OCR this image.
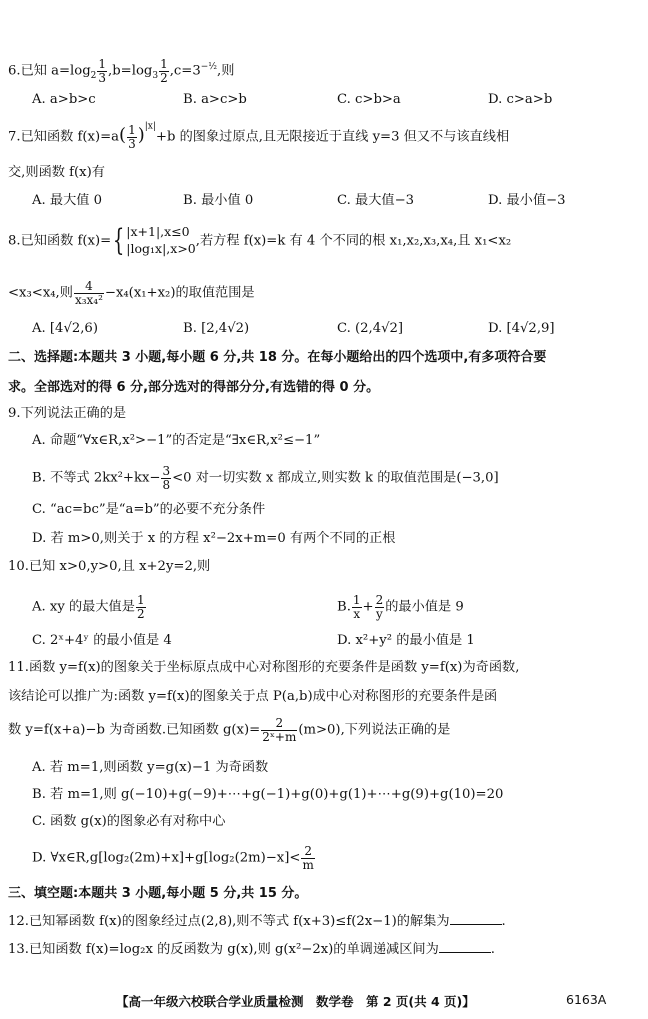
6.已知 $a=\log_2 \frac{1}{3} ,b=\log_3 \frac{1}{2} ,c=3^{-\frac{1}{2}}$,则
A. a>b>c	B. a>c>b	C. c>b>a	D. c>a>b
7.已知函数 $f(x)=a( \frac{1}{3} )^{|x|}+b$ 的图象过原点,且无限接近于直线 y=3 但又不与该直线相
交,则函数 f(x)有
A. 最大值 0	B. 最小值 0	C. 最大值−3	D. 最小值−3
8.已知函数 f(x)={ |x+1|,x≤0
|log₁x|,x>0 ,若方程 f(x)=k 有 4 个不同的根 x₁,x₂,x₃,x₄,且 x₁<x₂
<x₃<x₄,则 $\frac{4}{\text{x₃x₄²}} -x_4(x_1+x_2)$的取值范围是
A. [4√2,6)	B. [2,4√2)	C. (2,4√2]	D. [4√2,9]
二、选择题:本题共 3 小题,每小题 6 分,共 18 分。在每小题给出的四个选项中,有多项符合要
求。全部选对的得 6 分,部分选对的得部分分,有选错的得 0 分。
9.下列说法正确的是
A. 命题“∀x∈R,x²>−1”的否定是“∃x∈R,x²≤−1”
B. 不等式 $2kx^2+kx- \frac{3}{8} <0$ 对一切实数 x 都成立,则实数 k 的取值范围是(−3,0]
C. “ac=bc”是“a=b”的必要不充分条件
D. 若 m>0,则关于 x 的方程 x²−2x+m=0 有两个不同的正根
10.已知 x>0,y>0,且 x+2y=2,则
A. xy 的最大值是 $\frac{1}{2}$	B. $\frac{1}{x} + \frac{2}{y}$ 的最小值是 9
C. 2ˣ+4ʸ 的最小值是 4	D. x²+y² 的最小值是 1
11.函数 y=f(x)的图象关于坐标原点成中心对称图形的充要条件是函数 y=f(x)为奇函数,
该结论可以推广为:函数 y=f(x)的图象关于点 P(a,b)成中心对称图形的充要条件是函
数 y=f(x+a)−b 为奇函数.已知函数 $g(x)= \frac{2}{\text{2ˣ+m}} (m>0)$,下列说法正确的是
A. 若 m=1,则函数 y=g(x)−1 为奇函数
B. 若 m=1,则 g(−10)+g(−9)+⋯+g(−1)+g(0)+g(1)+⋯+g(9)+g(10)=20
C. 函数 g(x)的图象必有对称中心
D. ∀x∈R,g[log₂(2m)+x]+g[log₂(2m)−x]< $\frac{2}{m}$
三、填空题:本题共 3 小题,每小题 5 分,共 15 分。
12.已知幂函数 f(x)的图象经过点(2,8),则不等式 f(x+3)≤f(2x−1)的解集为	.
13.已知函数 f(x)=log₂x 的反函数为 g(x),则 g(x²−2x)的单调递减区间为	.
【高一年级六校联合学业质量检测　数学卷　第 2 页(共 4 页)】	6163A
